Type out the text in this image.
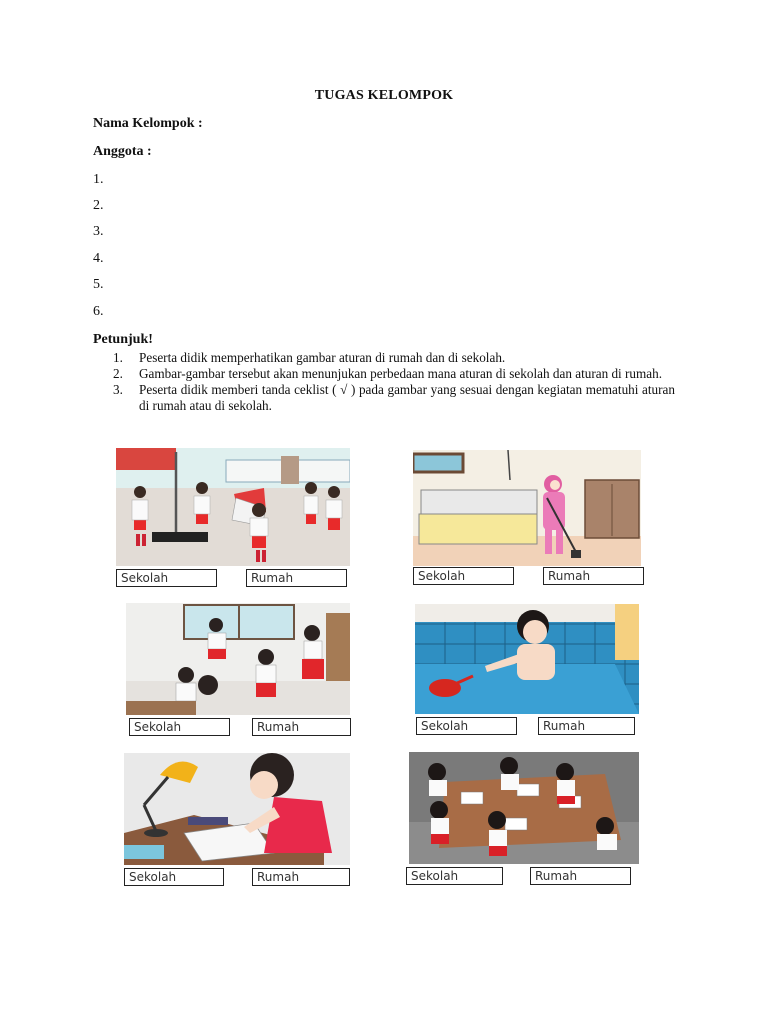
TUGAS KELOMPOK
Nama Kelompok :
Anggota :
1.
2.
3.
4.
5.
6.
Petunjuk!
1. Peserta didik memperhatikan gambar aturan di rumah dan di sekolah.
2. Gambar-gambar tersebut akan menunjukan perbedaan mana aturan di sekolah dan aturan di rumah.
3. Peserta didik memberi tanda ceklist ( √ ) pada gambar yang sesuai dengan kegiatan mematuhi aturan di rumah atau di sekolah.
Sekolah	Rumah	Sekolah	Rumah
Sekolah	Rumah	Sekolah	Rumah
Sekolah	Rumah	Sekolah	Rumah
